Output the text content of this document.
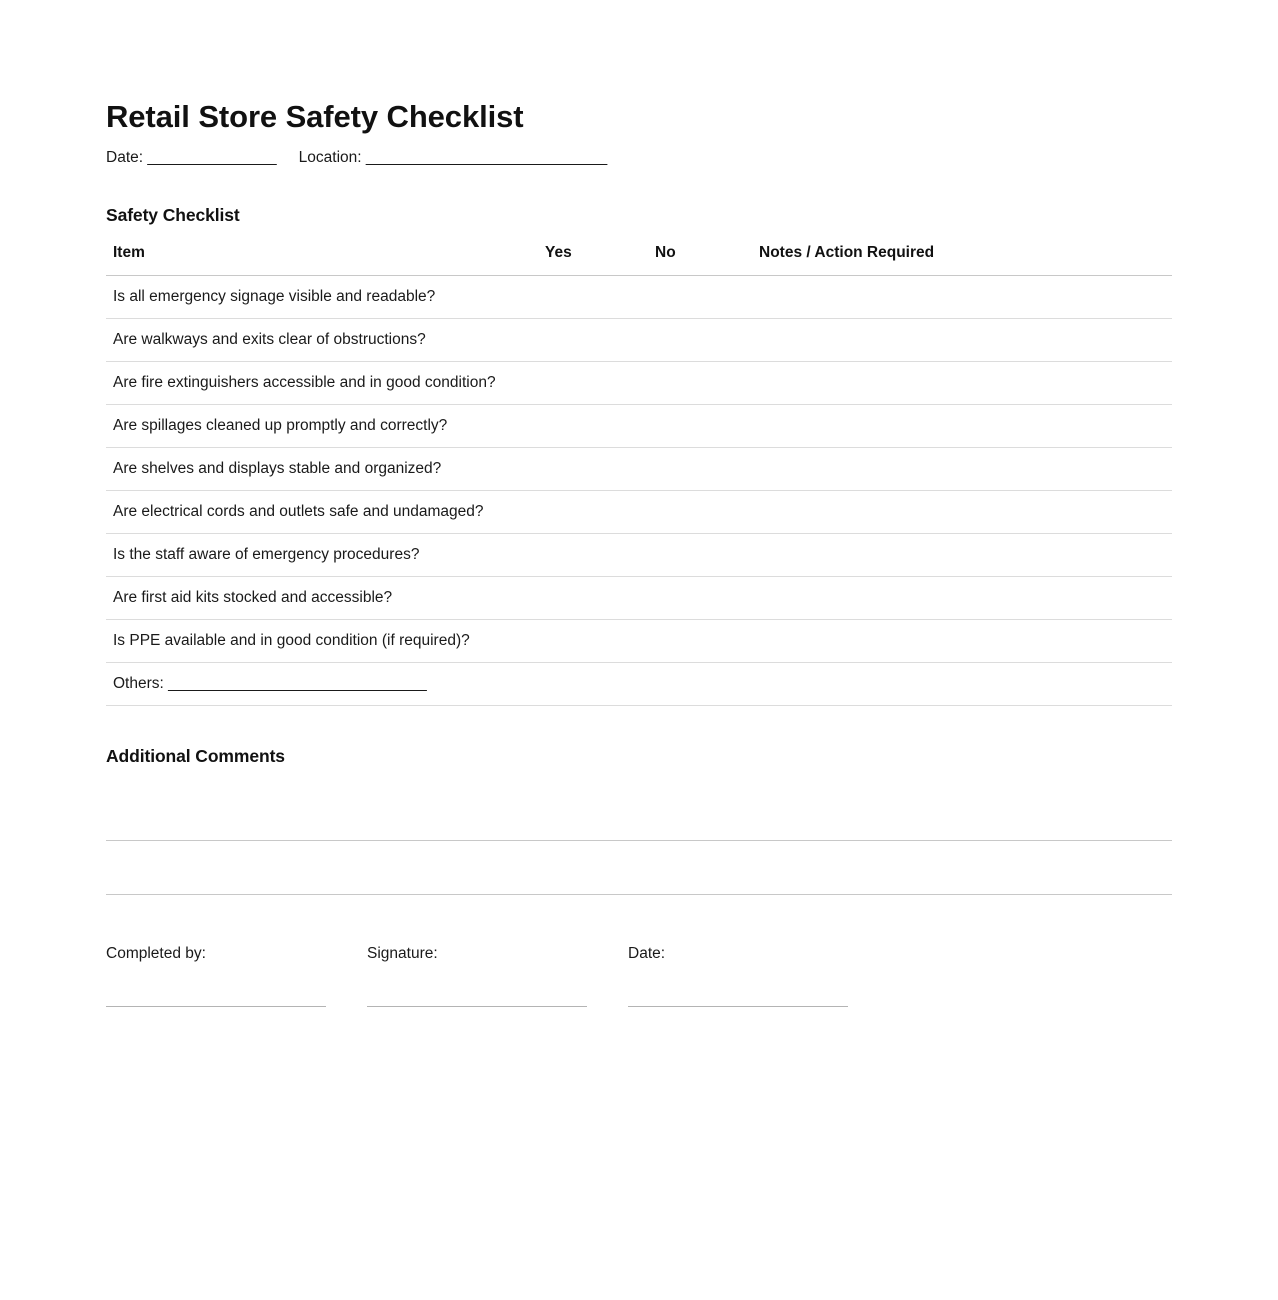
Retail Store Safety Checklist
Date: _______________ Location: ____________________________
Safety Checklist
Item	Yes	No	Notes / Action Required
Is all emergency signage visible and readable?			
Are walkways and exits clear of obstructions?			
Are fire extinguishers accessible and in good condition?			
Are spillages cleaned up promptly and correctly?			
Are shelves and displays stable and organized?			
Are electrical cords and outlets safe and undamaged?			
Is the staff aware of emergency procedures?			
Are first aid kits stocked and accessible?			
Is PPE available and in good condition (if required)?			
Others: ______________________________			
Additional Comments
Completed by:	Signature:	Date:
